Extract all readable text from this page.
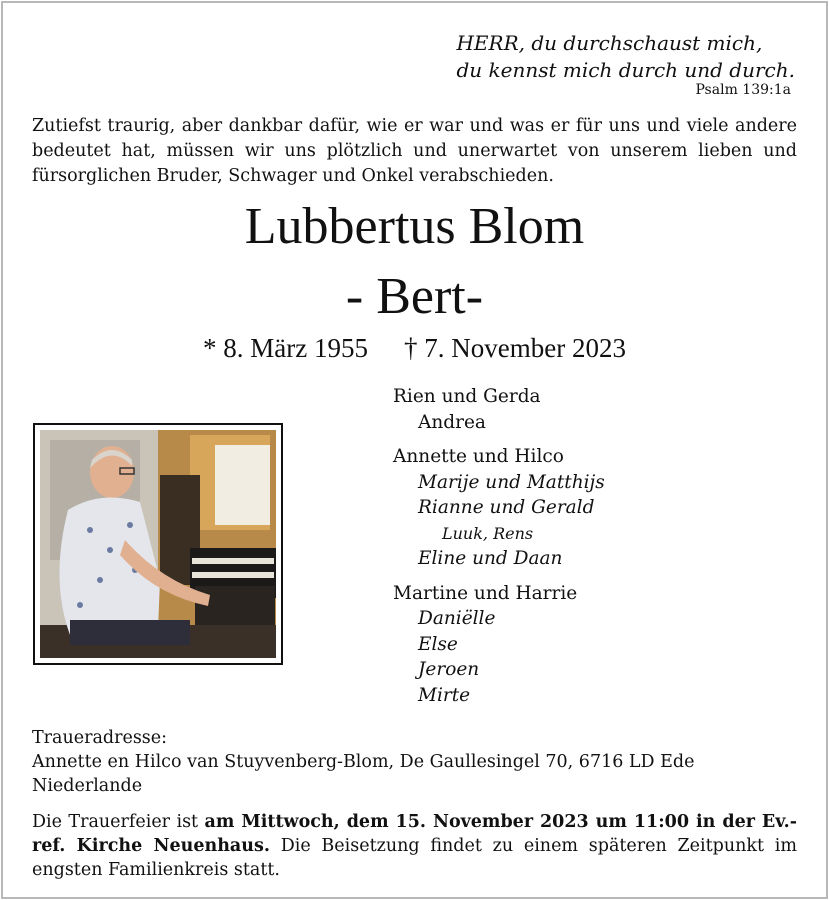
HERR, du durchschaust mich,
du kennst mich durch und durch.
Psalm 139:1a
Zutiefst traurig, aber dankbar dafür, wie er war und was er für uns und viele andere bedeutet hat, müssen wir uns plötzlich und unerwartet von unserem lieben und fürsorglichen Bruder, Schwager und Onkel verabschieden.
Lubbertus Blom
- Bert-
* 8. März 1955 † 7. November 2023
Rien und Gerda
Andrea
Annette und Hilco
Marije und Matthijs
Rianne und Gerald
Luuk, Rens
Eline und Daan
Martine und Harrie
Daniëlle
Else
Jeroen
Mirte
Traueradresse:
Annette en Hilco van Stuyvenberg-Blom, De Gaullesingel 70, 6716 LD Ede
Niederlande
Die Trauerfeier ist am Mittwoch, dem 15. November 2023 um 11:00 in der Ev.-ref. Kirche Neuenhaus. Die Beisetzung findet zu einem späteren Zeitpunkt im engsten Familienkreis statt.
